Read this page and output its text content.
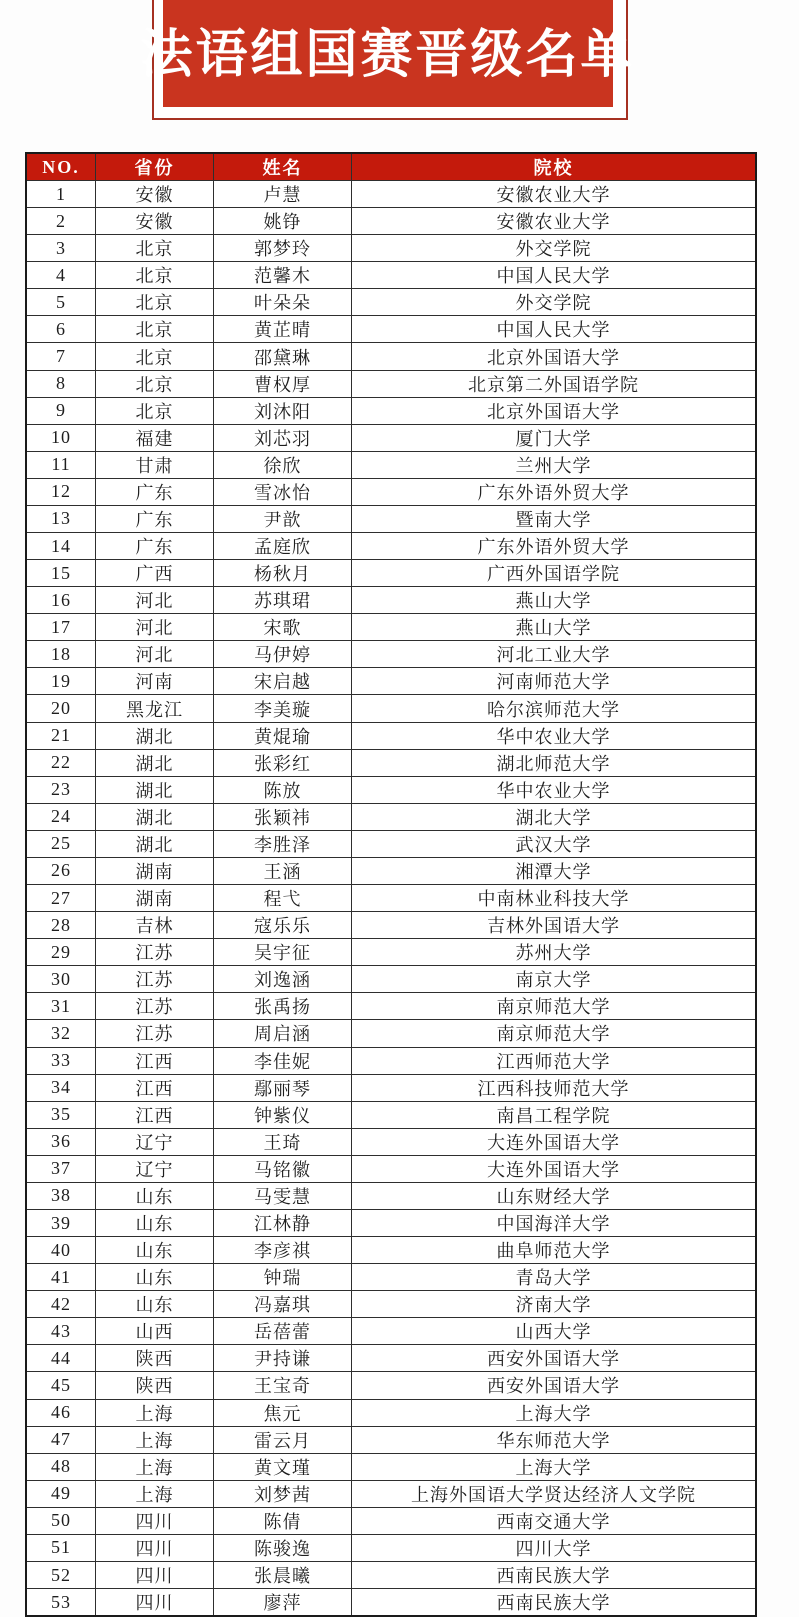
法语组国赛晋级名单
NO.	省份	姓名	院校
1	安徽	卢慧	安徽农业大学
2	安徽	姚铮	安徽农业大学
3	北京	郭梦玲	外交学院
4	北京	范馨木	中国人民大学
5	北京	叶朵朵	外交学院
6	北京	黄芷晴	中国人民大学
7	北京	邵黛琳	北京外国语大学
8	北京	曹权厚	北京第二外国语学院
9	北京	刘沐阳	北京外国语大学
10	福建	刘芯羽	厦门大学
11	甘肃	徐欣	兰州大学
12	广东	雪冰怡	广东外语外贸大学
13	广东	尹歆	暨南大学
14	广东	孟庭欣	广东外语外贸大学
15	广西	杨秋月	广西外国语学院
16	河北	苏琪珺	燕山大学
17	河北	宋歌	燕山大学
18	河北	马伊婷	河北工业大学
19	河南	宋启越	河南师范大学
20	黑龙江	李美璇	哈尔滨师范大学
21	湖北	黄焜瑜	华中农业大学
22	湖北	张彩红	湖北师范大学
23	湖北	陈放	华中农业大学
24	湖北	张颖祎	湖北大学
25	湖北	李胜泽	武汉大学
26	湖南	王涵	湘潭大学
27	湖南	程弋	中南林业科技大学
28	吉林	寇乐乐	吉林外国语大学
29	江苏	吴宇征	苏州大学
30	江苏	刘逸涵	南京大学
31	江苏	张禹扬	南京师范大学
32	江苏	周启涵	南京师范大学
33	江西	李佳妮	江西师范大学
34	江西	鄢丽琴	江西科技师范大学
35	江西	钟紫仪	南昌工程学院
36	辽宁	王琦	大连外国语大学
37	辽宁	马铭徽	大连外国语大学
38	山东	马雯慧	山东财经大学
39	山东	江林静	中国海洋大学
40	山东	李彦祺	曲阜师范大学
41	山东	钟瑞	青岛大学
42	山东	冯嘉琪	济南大学
43	山西	岳蓓蕾	山西大学
44	陕西	尹持谦	西安外国语大学
45	陕西	王宝奇	西安外国语大学
46	上海	焦元	上海大学
47	上海	雷云月	华东师范大学
48	上海	黄文瑾	上海大学
49	上海	刘梦茜	上海外国语大学贤达经济人文学院
50	四川	陈倩	西南交通大学
51	四川	陈骏逸	四川大学
52	四川	张晨曦	西南民族大学
53	四川	廖萍	西南民族大学
